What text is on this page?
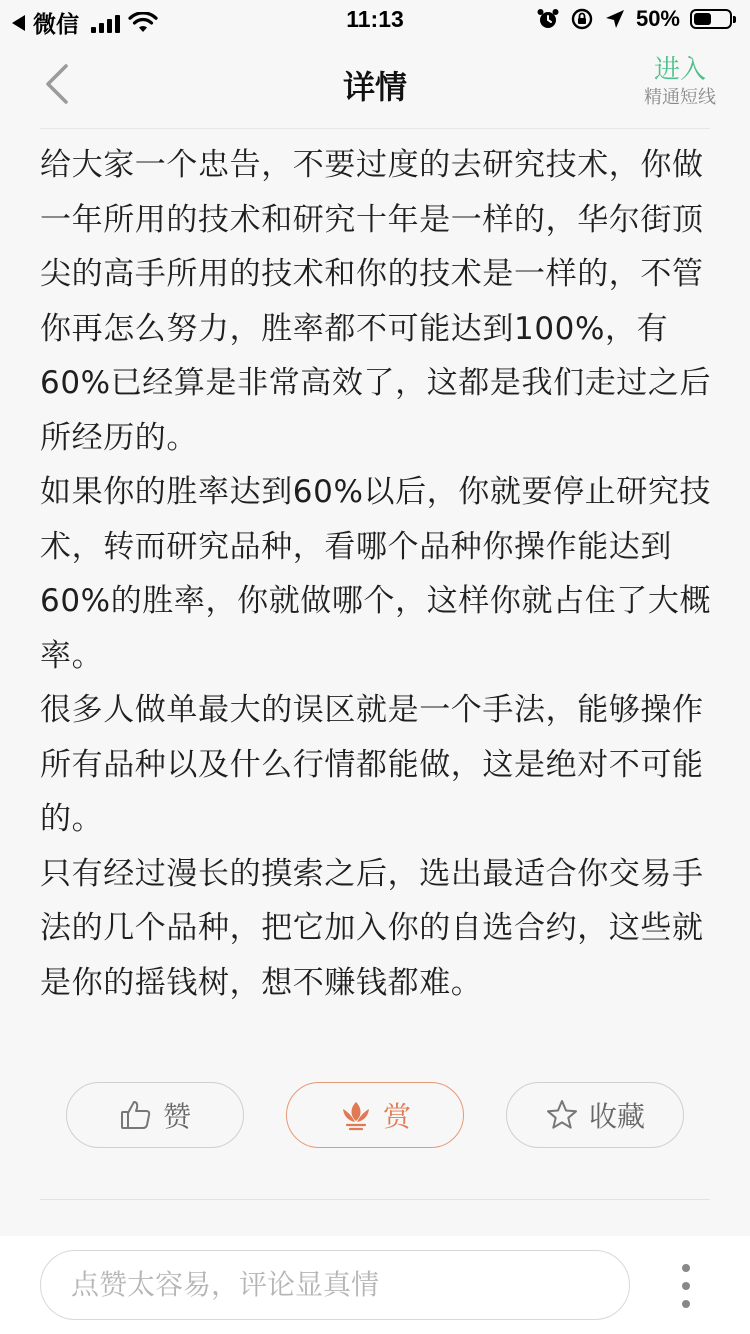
微信	11:13	50%
详情	进入
精通短线

给大家一个忠告，不要过度的去研究技术，你做一年所用的技术和研究十年是一样的，华尔街顶尖的高手所用的技术和你的技术是一样的，不管你再怎么努力，胜率都不可能达到100%，有 60%已经算是非常高效了，这都是我们走过之后所经历的。

如果你的胜率达到60%以后，你就要停止研究技术，转而研究品种，看哪个品种你操作能达到60%的胜率，你就做哪个，这样你就占住了大概率。

很多人做单最大的误区就是一个手法，能够操作所有品种以及什么行情都能做，这是绝对不可能的。

只有经过漫长的摸索之后，选出最适合你交易手法的几个品种，把它加入你的自选合约，这些就是你的摇钱树，想不赚钱都难。

赞	赏	收藏
点赞太容易，评论显真情
